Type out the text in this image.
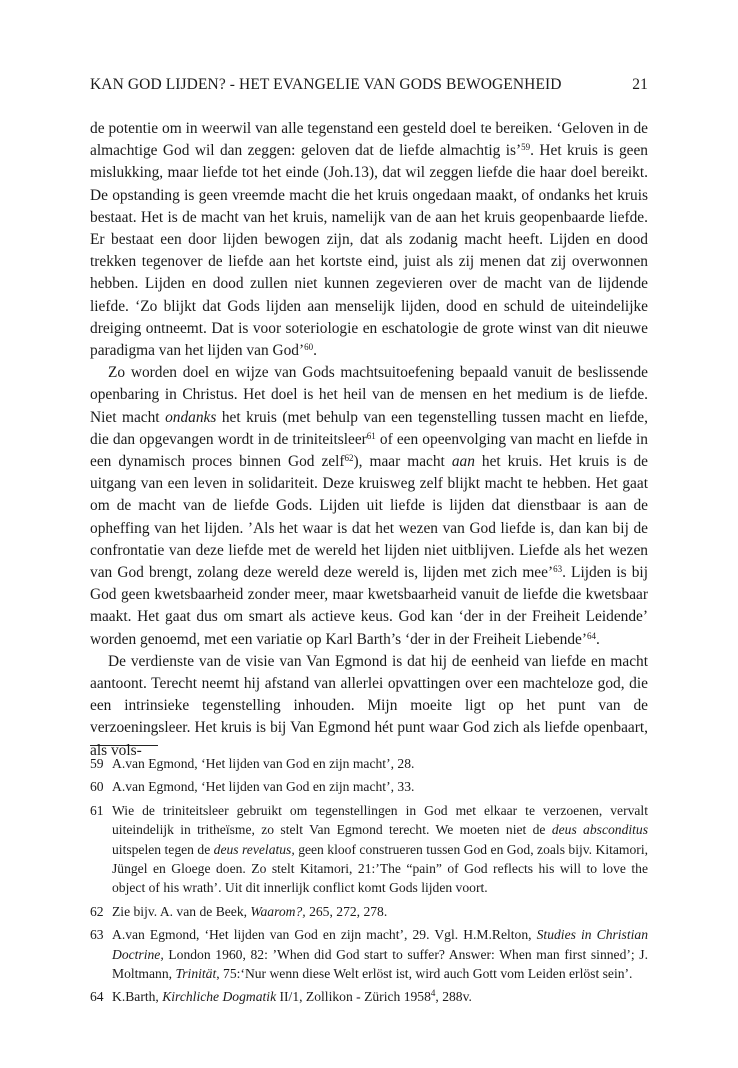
KAN GOD LIJDEN? - HET EVANGELIE VAN GODS BEWOGENHEID	21

de potentie om in weerwil van alle tegenstand een gesteld doel te bereiken. ‘Geloven in de almachtige God wil dan zeggen: geloven dat de liefde almachtig is’$^{59}$. Het kruis is geen mislukking, maar liefde tot het einde (Joh.13), dat wil zeggen liefde die haar doel bereikt. De opstanding is geen vreemde macht die het kruis ongedaan maakt, of ondanks het kruis bestaat. Het is de macht van het kruis, namelijk van de aan het kruis geopenbaarde liefde. Er bestaat een door lijden bewogen zijn, dat als zodanig macht heeft. Lijden en dood trekken tegenover de liefde aan het kortste eind, juist als zij menen dat zij overwonnen hebben. Lijden en dood zullen niet kunnen zegevieren over de macht van de lijdende liefde. ‘Zo blijkt dat Gods lijden aan menselijk lijden, dood en schuld de uiteindelijke dreiging ontneemt. Dat is voor soteriologie en eschatologie de grote winst van dit nieuwe paradigma van het lijden van God’$^{60}$.

Zo worden doel en wijze van Gods machtsuitoefening bepaald vanuit de beslissende openbaring in Christus. Het doel is het heil van de mensen en het medium is de liefde. Niet macht ondanks het kruis (met behulp van een tegenstelling tussen macht en liefde, die dan opgevangen wordt in de triniteitsleer$^{61}$ of een opeenvolging van macht en liefde in een dynamisch proces binnen God zelf$^{62}$), maar macht aan het kruis. Het kruis is de uitgang van een leven in solidariteit. Deze kruisweg zelf blijkt macht te hebben. Het gaat om de macht van de liefde Gods. Lijden uit liefde is lijden dat dienstbaar is aan de opheffing van het lijden. ’Als het waar is dat het wezen van God liefde is, dan kan bij de confrontatie van deze liefde met de wereld het lijden niet uitblijven. Liefde als het wezen van God brengt, zolang deze wereld deze wereld is, lijden met zich mee’$^{63}$. Lijden is bij God geen kwetsbaarheid zonder meer, maar kwetsbaarheid vanuit de liefde die kwetsbaar maakt. Het gaat dus om smart als actieve keus. God kan ‘der in der Freiheit Leidende’ worden genoemd, met een variatie op Karl Barth’s ‘der in der Freiheit Liebende’$^{64}$.

De verdienste van de visie van Van Egmond is dat hij de eenheid van liefde en macht aantoont. Terecht neemt hij afstand van allerlei opvattingen over een machteloze god, die een intrinsieke tegenstelling inhouden. Mijn moeite ligt op het punt van de verzoeningsleer. Het kruis is bij Van Egmond hét punt waar God zich als liefde openbaart, als vols-

59 A.van Egmond, ‘Het lijden van God en zijn macht’, 28.
60 A.van Egmond, ‘Het lijden van God en zijn macht’, 33.
61 Wie de triniteitsleer gebruikt om tegenstellingen in God met elkaar te verzoenen, vervalt uiteindelijk in tritheïsme, zo stelt Van Egmond terecht. We moeten niet de deus absconditus uitspelen tegen de deus revelatus, geen kloof construeren tussen God en God, zoals bijv. Kitamori, Jüngel en Gloege doen. Zo stelt Kitamori, 21:’The “pain” of God reflects his will to love the object of his wrath’. Uit dit innerlijk conflict komt Gods lijden voort.
62 Zie bijv. A. van de Beek, Waarom?, 265, 272, 278.
63 A.van Egmond, ‘Het lijden van God en zijn macht’, 29. Vgl. H.M.Relton, Studies in Christian Doctrine, London 1960, 82: ’When did God start to suffer? Answer: When man first sinned’; J. Moltmann, Trinität, 75:‘Nur wenn diese Welt erlöst ist, wird auch Gott vom Leiden erlöst sein’.
64 K.Barth, Kirchliche Dogmatik II/1, Zollikon - Zürich 1958$^4$, 288v.
